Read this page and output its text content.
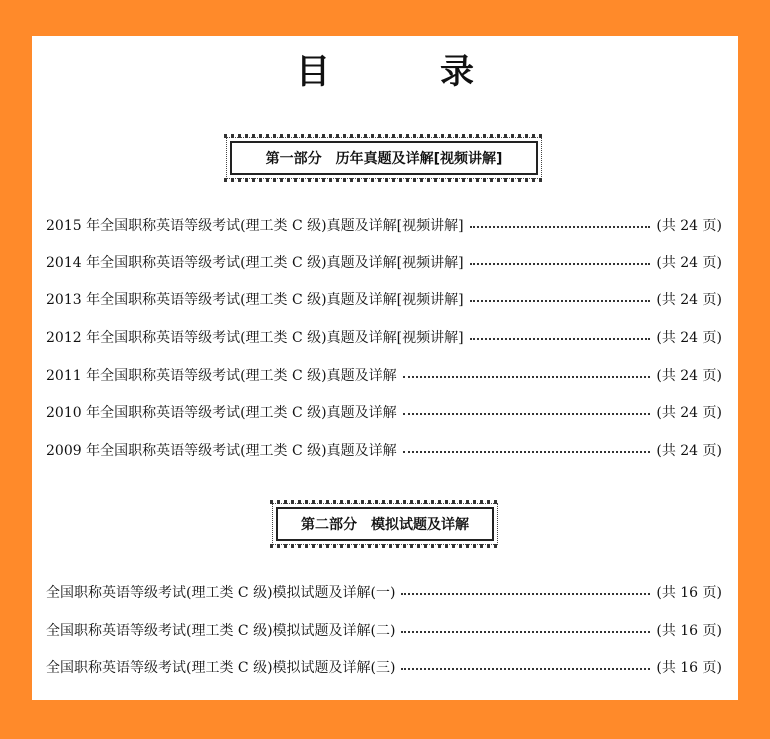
目　录
第一部分　历年真题及详解[视频讲解]
2015 年全国职称英语等级考试(理工类 C 级)真题及详解[视频讲解]	(共 24 页)
2014 年全国职称英语等级考试(理工类 C 级)真题及详解[视频讲解]	(共 24 页)
2013 年全国职称英语等级考试(理工类 C 级)真题及详解[视频讲解]	(共 24 页)
2012 年全国职称英语等级考试(理工类 C 级)真题及详解[视频讲解]	(共 24 页)
2011 年全国职称英语等级考试(理工类 C 级)真题及详解	(共 24 页)
2010 年全国职称英语等级考试(理工类 C 级)真题及详解	(共 24 页)
2009 年全国职称英语等级考试(理工类 C 级)真题及详解	(共 24 页)
第二部分　模拟试题及详解
全国职称英语等级考试(理工类 C 级)模拟试题及详解(一)	(共 16 页)
全国职称英语等级考试(理工类 C 级)模拟试题及详解(二)	(共 16 页)
全国职称英语等级考试(理工类 C 级)模拟试题及详解(三)	(共 16 页)
